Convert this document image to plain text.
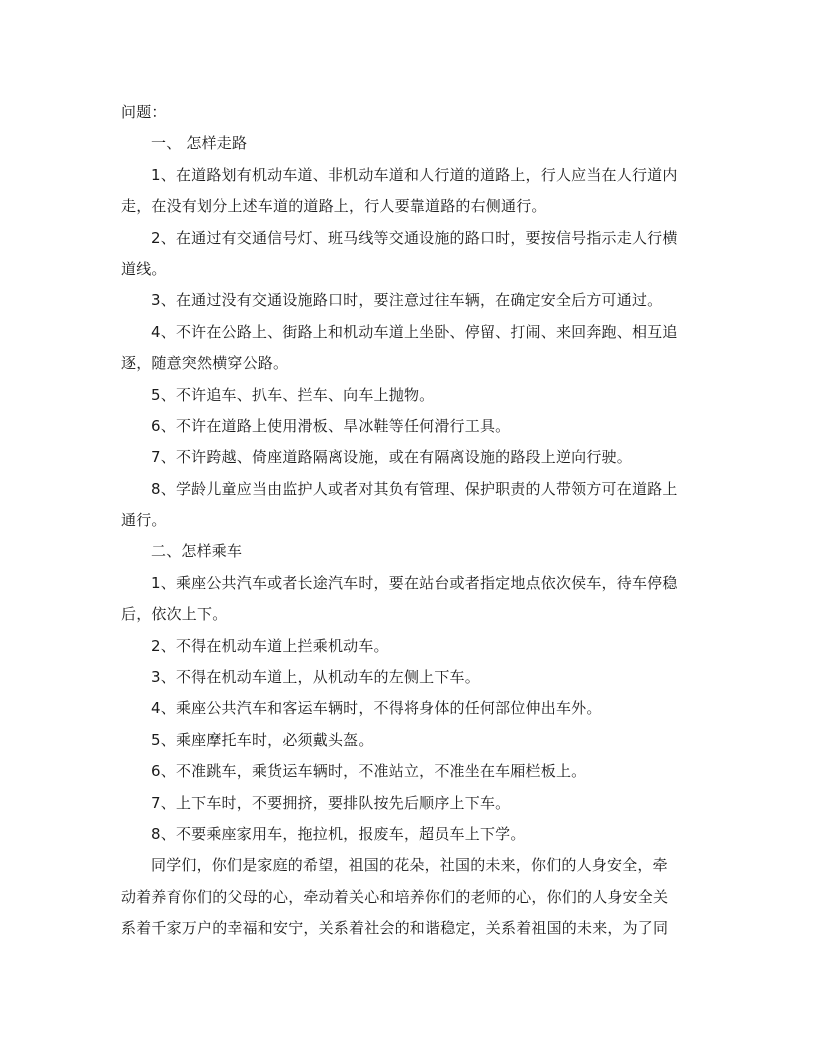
问题：
一、 怎样走路
1、在道路划有机动车道、非机动车道和人行道的道路上，行人应当在人行道内
走，在没有划分上述车道的道路上，行人要靠道路的右侧通行。
2、在通过有交通信号灯、班马线等交通设施的路口时，要按信号指示走人行横
道线。
3、在通过没有交通设施路口时，要注意过往车辆，在确定安全后方可通过。
4、不许在公路上、街路上和机动车道上坐卧、停留、打闹、来回奔跑、相互追
逐，随意突然横穿公路。
5、不许追车、扒车、拦车、向车上抛物。
6、不许在道路上使用滑板、旱冰鞋等任何滑行工具。
7、不许跨越、倚座道路隔离设施，或在有隔离设施的路段上逆向行驶。
8、学龄儿童应当由监护人或者对其负有管理、保护职责的人带领方可在道路上
通行。
二、怎样乘车
1、乘座公共汽车或者长途汽车时，要在站台或者指定地点依次侯车，待车停稳
后，依次上下。
2、不得在机动车道上拦乘机动车。
3、不得在机动车道上，从机动车的左侧上下车。
4、乘座公共汽车和客运车辆时，不得将身体的任何部位伸出车外。
5、乘座摩托车时，必须戴头盔。
6、不准跳车，乘货运车辆时，不准站立，不准坐在车厢栏板上。
7、上下车时，不要拥挤，要排队按先后顺序上下车。
8、不要乘座家用车，拖拉机，报废车，超员车上下学。
同学们，你们是家庭的希望，祖国的花朵，社国的未来，你们的人身安全，牵
动着养育你们的父母的心，牵动着关心和培养你们的老师的心，你们的人身安全关
系着千家万户的幸福和安宁，关系着社会的和谐稳定，关系着祖国的未来，为了同
